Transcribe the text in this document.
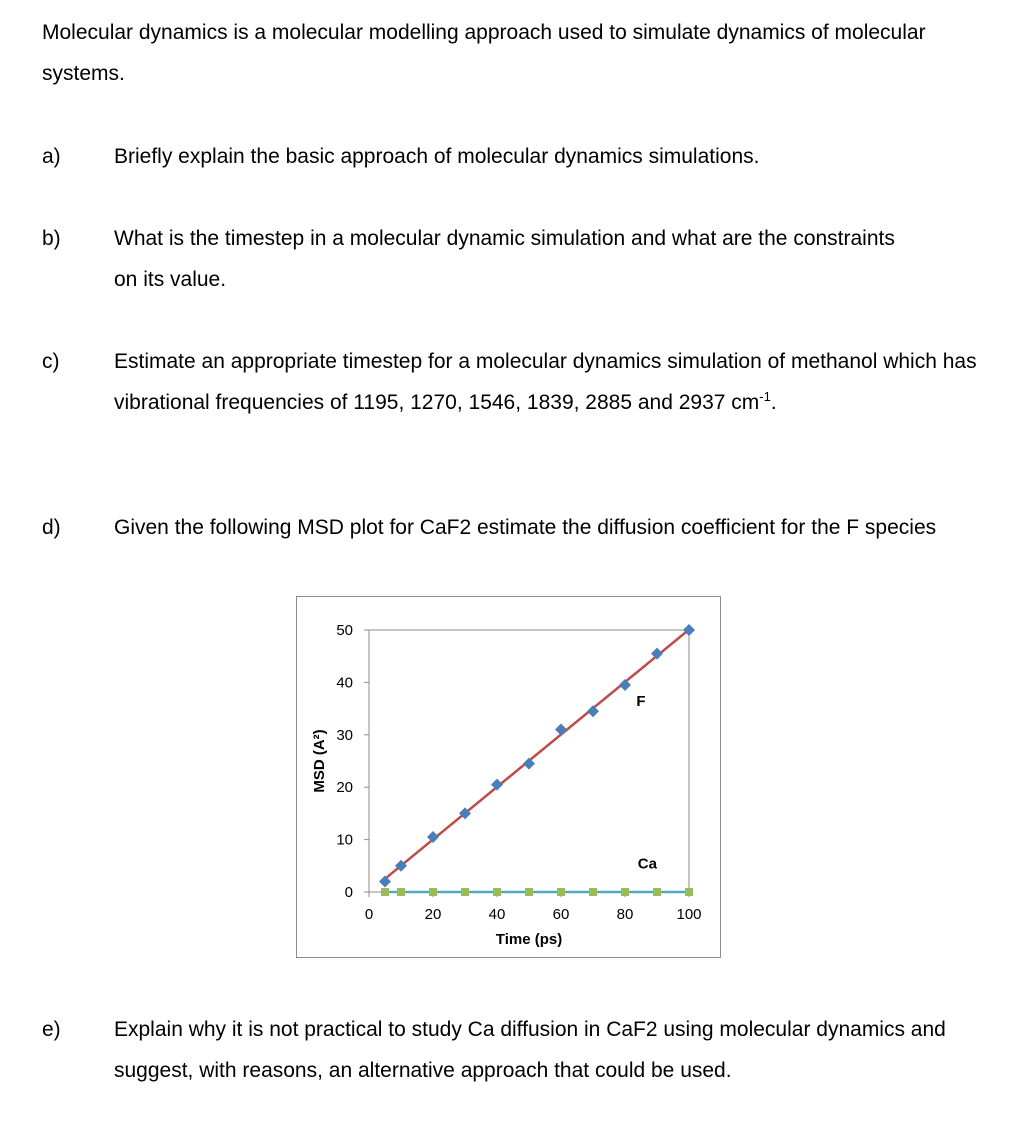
Molecular dynamics is a molecular modelling approach used to simulate dynamics of molecular systems.
a)	Briefly explain the basic approach of molecular dynamics simulations.
b)	What is the timestep in a molecular dynamic simulation and what are the constraints on its value.
c)	Estimate an appropriate timestep for a molecular dynamics simulation of methanol which has vibrational frequencies of 1195, 1270, 1546, 1839, 2885 and 2937 $cm^{-1}$.
d)	Given the following MSD plot for CaF2 estimate the diffusion coefficient for the F species
0
10
20
30
40
50
0	20	40	60	80	100
Time (ps)
MSD (A²)
F
Ca
e)	Explain why it is not practical to study Ca diffusion in CaF2 using molecular dynamics and suggest, with reasons, an alternative approach that could be used.
